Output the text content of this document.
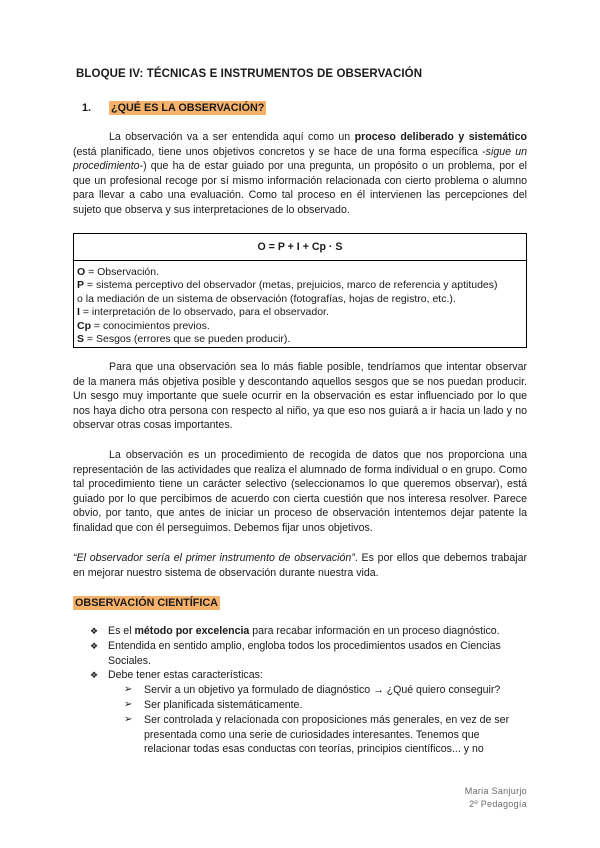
BLOQUE IV: TÉCNICAS E INSTRUMENTOS DE OBSERVACIÓN
1. ¿QUÉ ES LA OBSERVACIÓN?
La observación va a ser entendida aquí como un proceso deliberado y sistemático (está planificado, tiene unos objetivos concretos y se hace de una forma específica -sigue un procedimiento-) que ha de estar guiado por una pregunta, un propósito o un problema, por el que un profesional recoge por sí mismo información relacionada con cierto problema o alumno para llevar a cabo una evaluación. Como tal proceso en él intervienen las percepciones del sujeto que observa y sus interpretaciones de lo observado.
O = P + I + Cp · S
O = Observación.
P = sistema perceptivo del observador (metas, prejuicios, marco de referencia y aptitudes)
o la mediación de un sistema de observación (fotografías, hojas de registro, etc.).
I = interpretación de lo observado, para el observador.
Cp = conocimientos previos.
S = Sesgos (errores que se pueden producir).
Para que una observación sea lo más fiable posible, tendríamos que intentar observar de la manera más objetiva posible y descontando aquellos sesgos que se nos puedan producir. Un sesgo muy importante que suele ocurrir en la observación es estar influenciado por lo que nos haya dicho otra persona con respecto al niño, ya que eso nos guiará a ir hacia un lado y no observar otras cosas importantes.
La observación es un procedimiento de recogida de datos que nos proporciona una representación de las actividades que realiza el alumnado de forma individual o en grupo. Como tal procedimiento tiene un carácter selectivo (seleccionamos lo que queremos observar), está guiado por lo que percibimos de acuerdo con cierta cuestión que nos interesa resolver. Parece obvio, por tanto, que antes de iniciar un proceso de observación intentemos dejar patente la finalidad que con él perseguimos. Debemos fijar unos objetivos.
“El observador sería el primer instrumento de observación”. Es por ellos que debemos trabajar en mejorar nuestro sistema de observación durante nuestra vida.
OBSERVACIÓN CIENTÍFICA
❖ Es el método por excelencia para recabar información en un proceso diagnóstico.
❖ Entendida en sentido amplio, engloba todos los procedimientos usados en Ciencias
Sociales.
❖ Debe tener estas características:
➢ Servir a un objetivo ya formulado de diagnóstico → ¿Qué quiero conseguir?
➢ Ser planificada sistemáticamente.
➢ Ser controlada y relacionada con proposiciones más generales, en vez de ser
presentada como una serie de curiosidades interesantes. Tenemos que
relacionar todas esas conductas con teorías, principios científicos... y no
Maria Sanjurjo
2º Pedagogía
